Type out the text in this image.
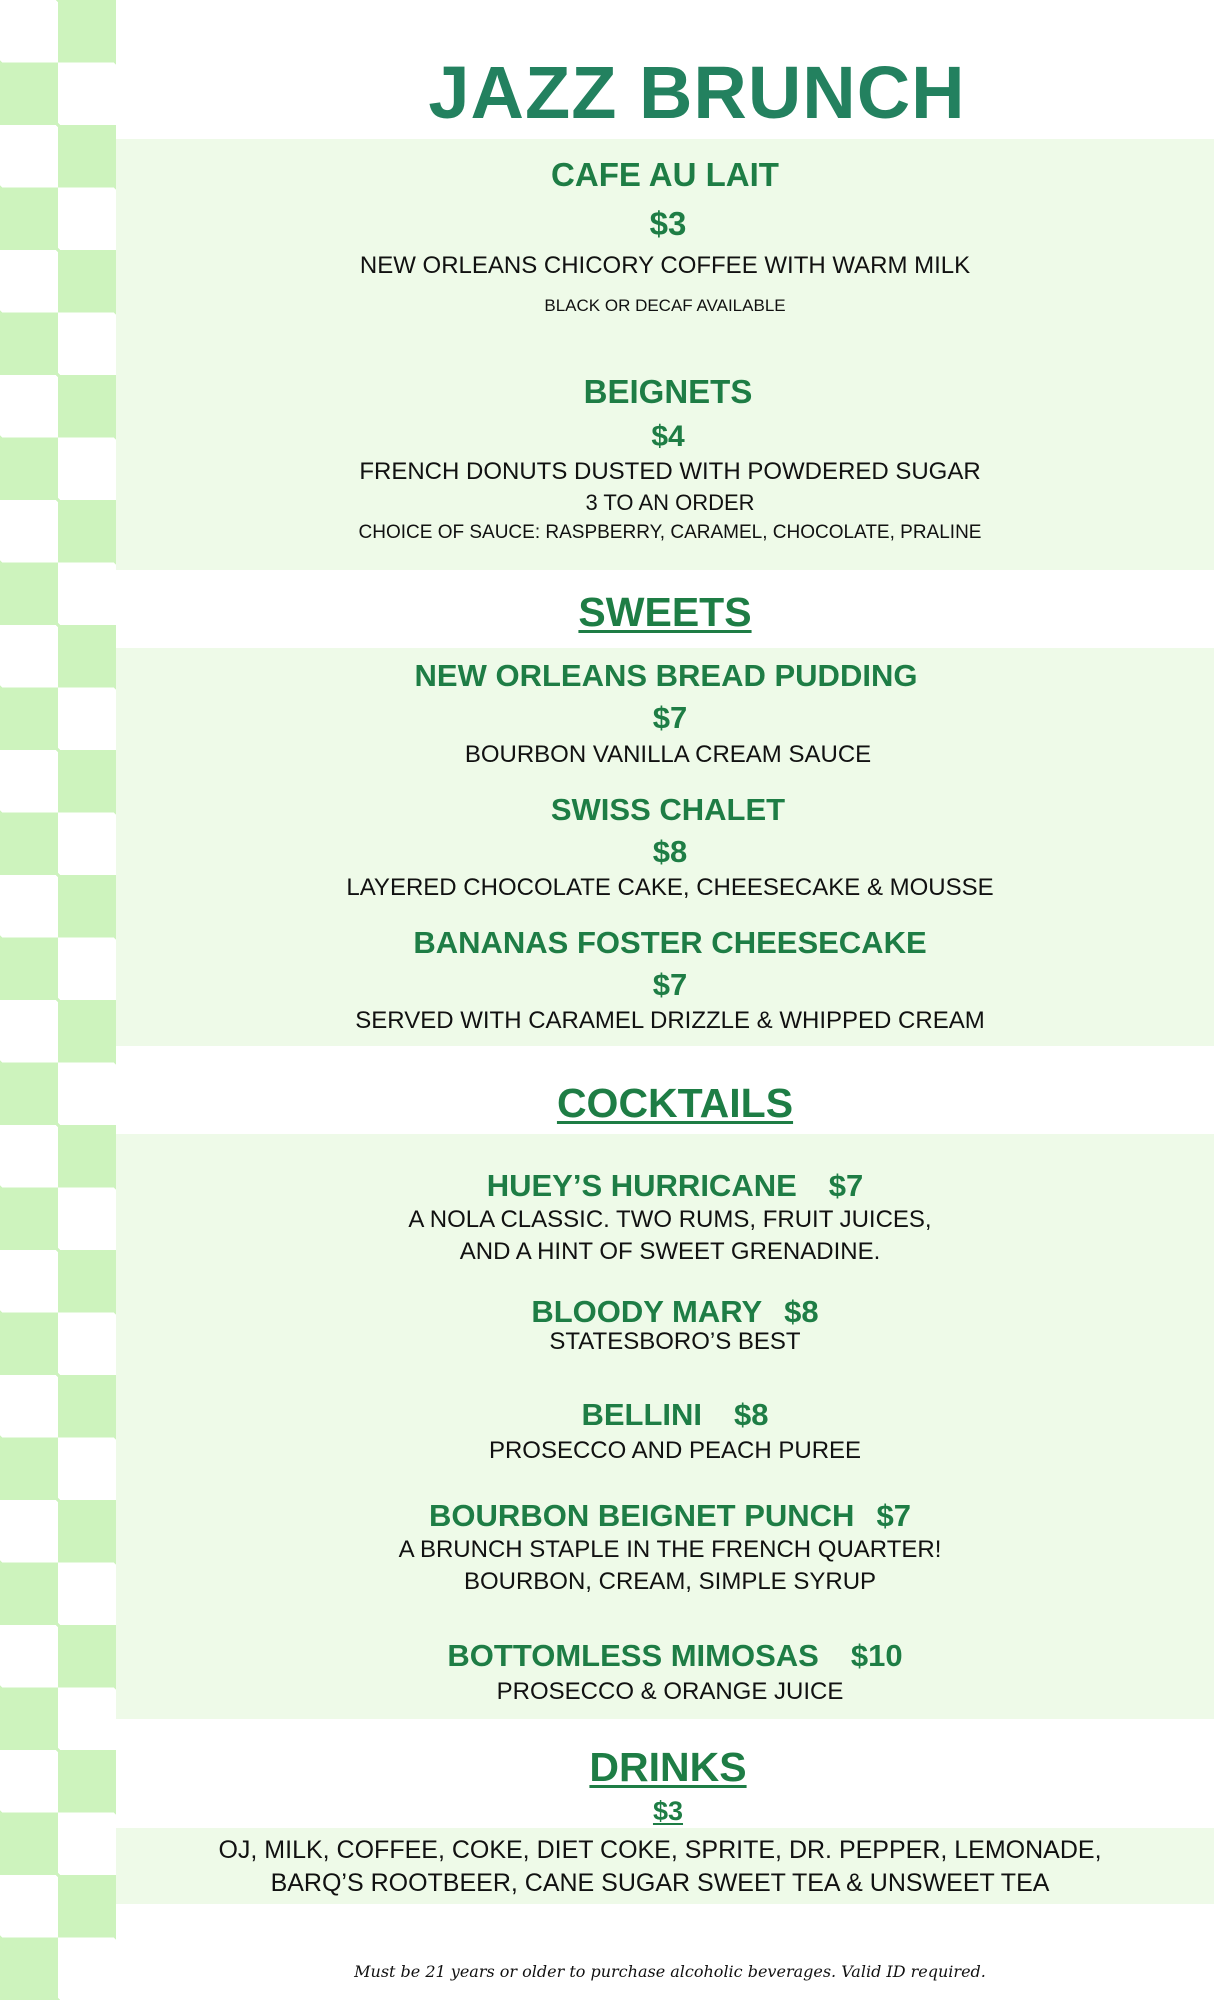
JAZZ BRUNCH
CAFE AU LAIT
$3
NEW ORLEANS CHICORY COFFEE WITH WARM MILK
BLACK OR DECAF AVAILABLE
BEIGNETS
$4
FRENCH DONUTS DUSTED WITH POWDERED SUGAR
3 TO AN ORDER
CHOICE OF SAUCE: RASPBERRY, CARAMEL, CHOCOLATE, PRALINE
SWEETS
NEW ORLEANS BREAD PUDDING
$7
BOURBON VANILLA CREAM SAUCE
SWISS CHALET
$8
LAYERED CHOCOLATE CAKE, CHEESECAKE & MOUSSE
BANANAS FOSTER CHEESECAKE
$7
SERVED WITH CARAMEL DRIZZLE & WHIPPED CREAM
COCKTAILS
HUEY’S HURRICANE $7
A NOLA CLASSIC. TWO RUMS, FRUIT JUICES,
AND A HINT OF SWEET GRENADINE.
BLOODY MARY $8
STATESBORO’S BEST
BELLINI $8
PROSECCO AND PEACH PUREE
BOURBON BEIGNET PUNCH $7
A BRUNCH STAPLE IN THE FRENCH QUARTER!
BOURBON, CREAM, SIMPLE SYRUP
BOTTOMLESS MIMOSAS $10
PROSECCO & ORANGE JUICE
DRINKS
$3
OJ, MILK, COFFEE, COKE, DIET COKE, SPRITE, DR. PEPPER, LEMONADE,
BARQ’S ROOTBEER, CANE SUGAR SWEET TEA & UNSWEET TEA
Must be 21 years or older to purchase alcoholic beverages. Valid ID required.
